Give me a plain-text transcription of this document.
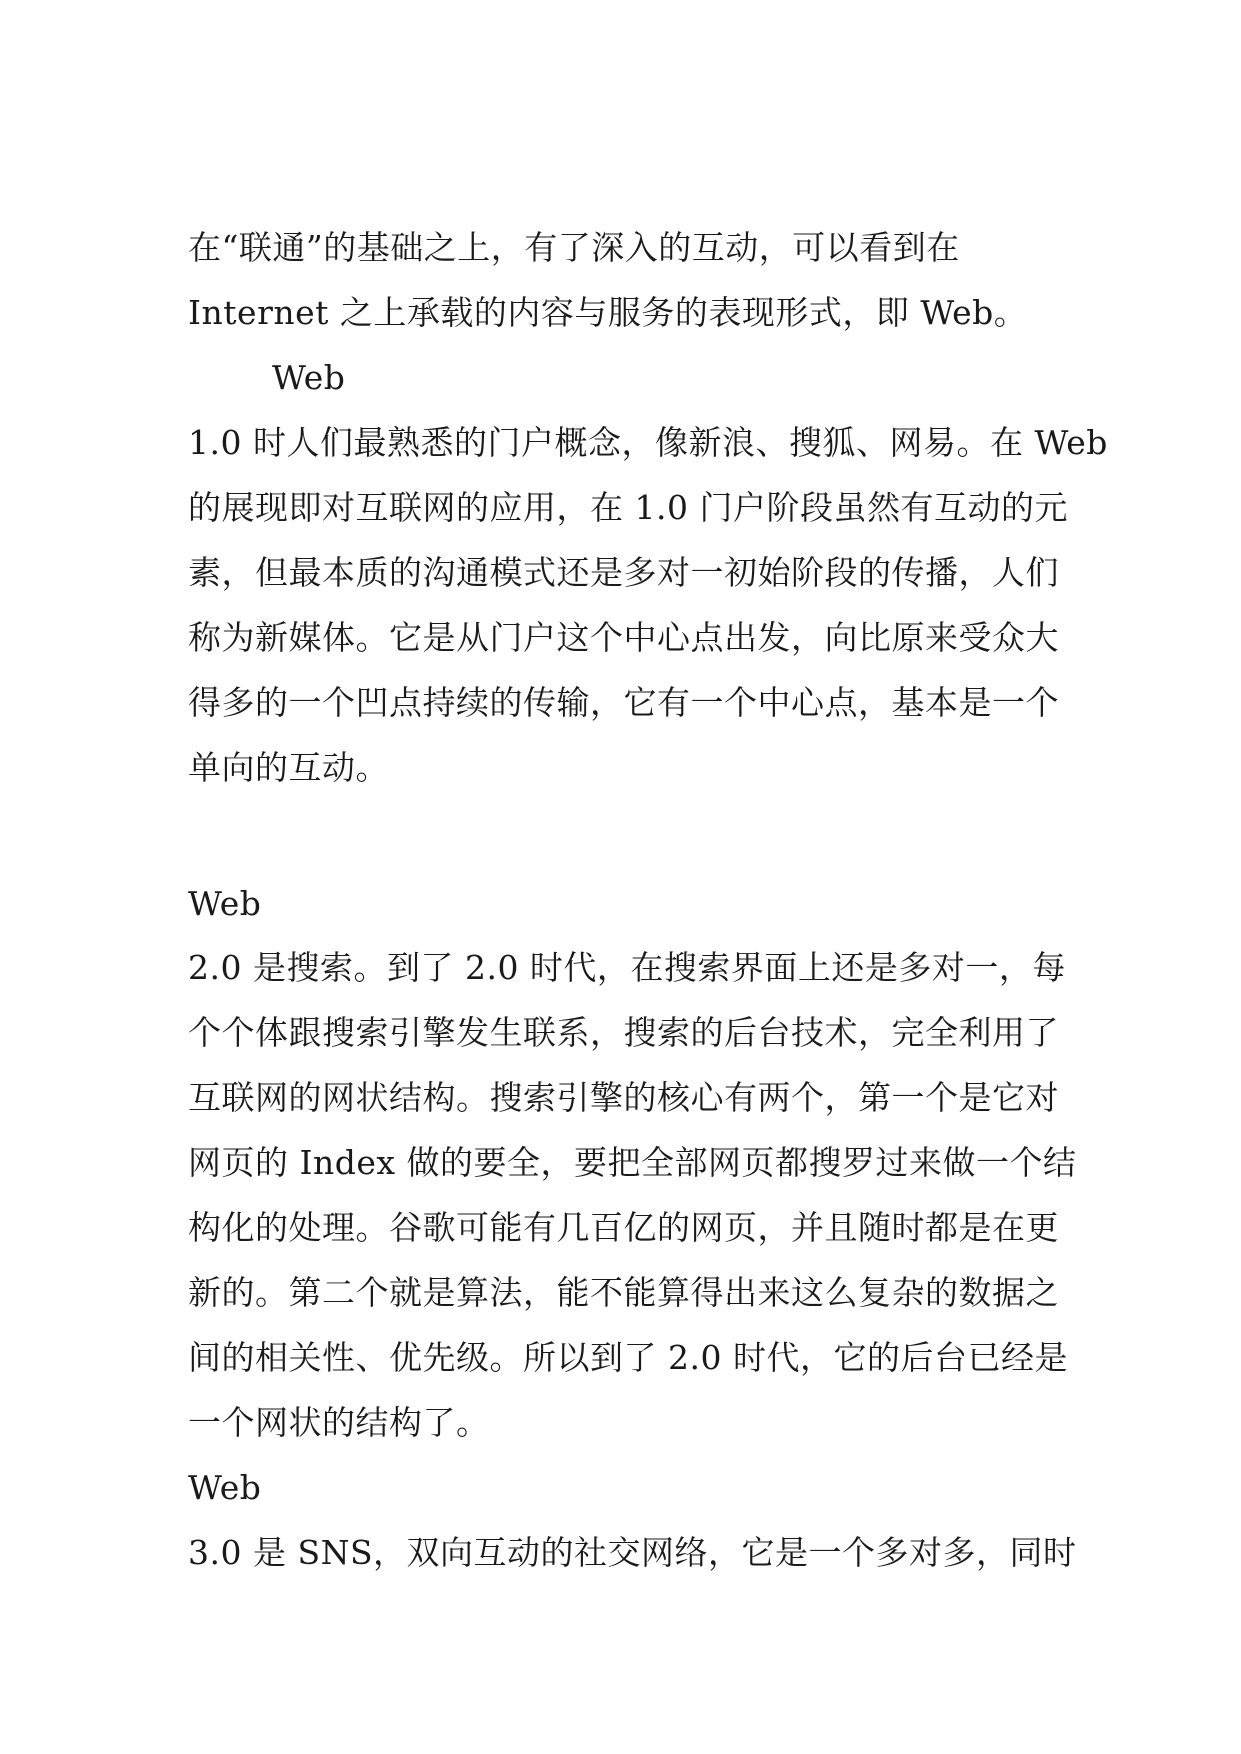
在“联通”的基础之上，有了深入的互动，可以看到在
Internet 之上承载的内容与服务的表现形式，即 Web。
Web
1.0 时人们最熟悉的门户概念，像新浪、搜狐、网易。在 Web
的展现即对互联网的应用，在 1.0 门户阶段虽然有互动的元
素，但最本质的沟通模式还是多对一初始阶段的传播，人们
称为新媒体。它是从门户这个中心点出发，向比原来受众大
得多的一个凹点持续的传输，它有一个中心点，基本是一个
单向的互动。
Web
2.0 是搜索。到了 2.0 时代，在搜索界面上还是多对一，每
个个体跟搜索引擎发生联系，搜索的后台技术，完全利用了
互联网的网状结构。搜索引擎的核心有两个，第一个是它对
网页的 Index 做的要全，要把全部网页都搜罗过来做一个结
构化的处理。谷歌可能有几百亿的网页，并且随时都是在更
新的。第二个就是算法，能不能算得出来这么复杂的数据之
间的相关性、优先级。所以到了 2.0 时代，它的后台已经是
一个网状的结构了。
Web
3.0 是 SNS，双向互动的社交网络，它是一个多对多，同时
